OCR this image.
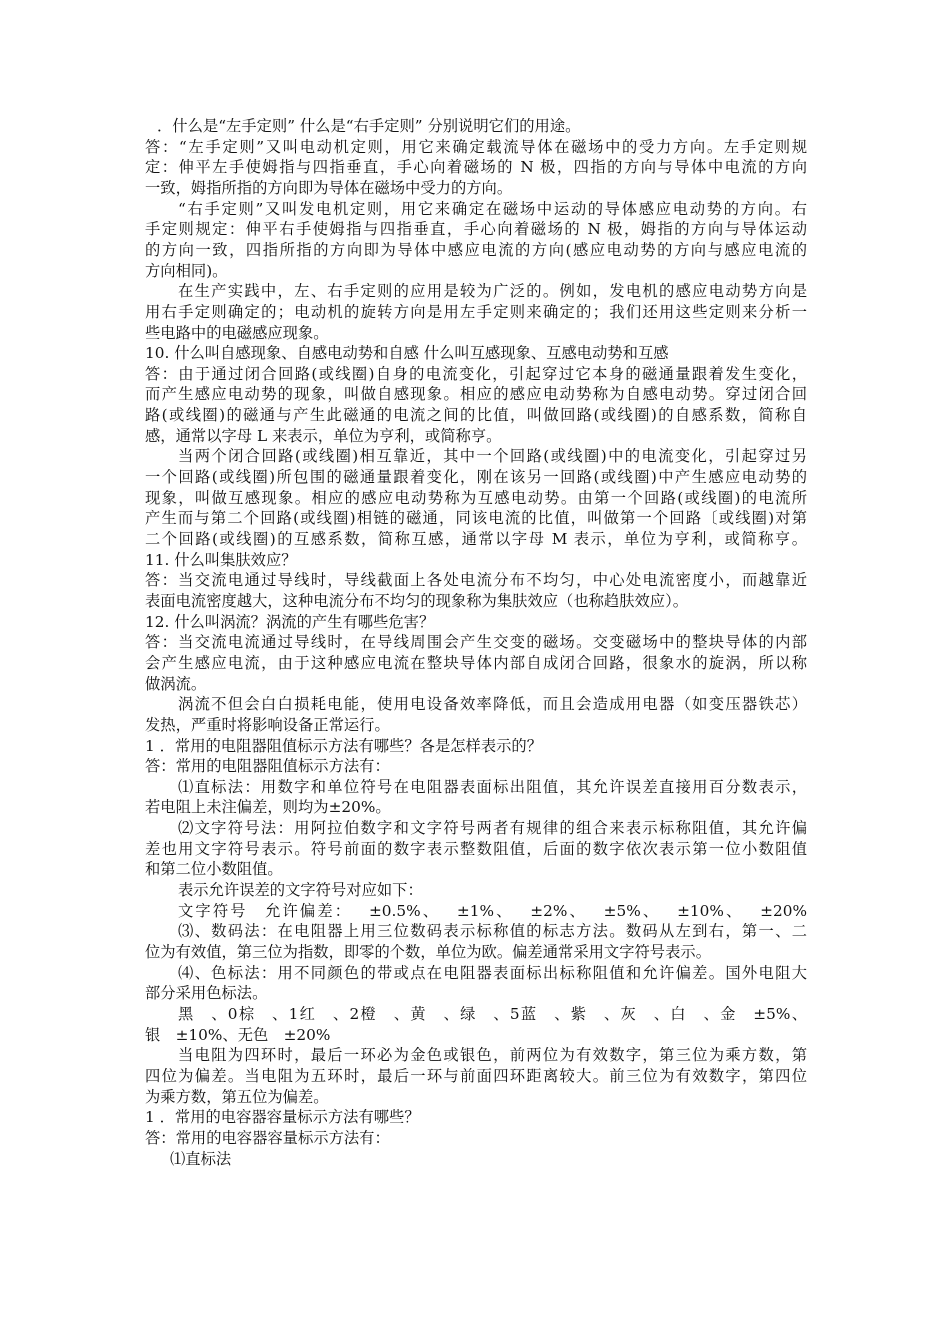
．什么是“左手定则” 什么是“右手定则” 分别说明它们的用途。
答：“左手定则”又叫电动机定则，用它来确定载流导体在磁场中的受力方向。左手定则规
定：伸平左手使姆指与四指垂直，手心向着磁场的 N 极，四指的方向与导体中电流的方向
一致，姆指所指的方向即为导体在磁场中受力的方向。
“右手定则”又叫发电机定则，用它来确定在磁场中运动的导体感应电动势的方向。右
手定则规定：伸平右手使姆指与四指垂直，手心向着磁场的 N 极，姆指的方向与导体运动
的方向一致，四指所指的方向即为导体中感应电流的方向(感应电动势的方向与感应电流的
方向相同)。
在生产实践中，左、右手定则的应用是较为广泛的。例如，发电机的感应电动势方向是
用右手定则确定的；电动机的旋转方向是用左手定则来确定的；我们还用这些定则来分析一
些电路中的电磁感应现象。
10. 什么叫自感现象、自感电动势和自感 什么叫互感现象、互感电动势和互感
答：由于通过闭合回路(或线圈)自身的电流变化，引起穿过它本身的磁通量跟着发生变化，
而产生感应电动势的现象，叫做自感现象。相应的感应电动势称为自感电动势。穿过闭合回
路(或线圈)的磁通与产生此磁通的电流之间的比值，叫做回路(或线圈)的自感系数，简称自
感，通常以字母 L 来表示，单位为亨利，或简称亨。
当两个闭合回路(或线圈)相互靠近，其中一个回路(或线圈)中的电流变化，引起穿过另
一个回路(或线圈)所包围的磁通量跟着变化，刚在该另一回路(或线圈)中产生感应电动势的
现象，叫做互感现象。相应的感应电动势称为互感电动势。由第一个回路(或线圈)的电流所
产生而与第二个回路(或线圈)相链的磁通，同该电流的比值，叫做第一个回路〔或线圈)对第
二个回路(或线圈)的互感系数，简称互感，通常以字母 M 表示，单位为亨利，或简称亨。
11. 什么叫集肤效应？
答：当交流电通过导线时，导线截面上各处电流分布不均匀，中心处电流密度小，而越靠近
表面电流密度越大，这种电流分布不均匀的现象称为集肤效应（也称趋肤效应）。
12. 什么叫涡流？涡流的产生有哪些危害？
答：当交流电流通过导线时，在导线周围会产生交变的磁场。交变磁场中的整块导体的内部
会产生感应电流，由于这种感应电流在整块导体内部自成闭合回路，很象水的旋涡，所以称
做涡流。
涡流不但会白白损耗电能，使用电设备效率降低，而且会造成用电器（如变压器铁芯）
发热，严重时将影响设备正常运行。
1 ．常用的电阻器阻值标示方法有哪些？各是怎样表示的？
答：常用的电阻器阻值标示方法有：
⑴直标法：用数字和单位符号在电阻器表面标出阻值，其允许误差直接用百分数表示，
若电阻上未注偏差，则均为±20%。
⑵文字符号法：用阿拉伯数字和文字符号两者有规律的组合来表示标称阻值，其允许偏
差也用文字符号表示。符号前面的数字表示整数阻值，后面的数字依次表示第一位小数阻值
和第二位小数阻值。
表示允许误差的文字符号对应如下：
文字符号　允许偏差：　 ±0.5%、　 ±1%、　 ±2%、　 ±5%、　 ±10%、　 ±20%
⑶、数码法：在电阻器上用三位数码表示标称值的标志方法。数码从左到右，第一、二
位为有效值，第三位为指数，即零的个数，单位为欧。偏差通常采用文字符号表示。
⑷、色标法：用不同颜色的带或点在电阻器表面标出标称阻值和允许偏差。国外电阻大
部分采用色标法。
黑　、0棕　、1红　、2橙　、黄　、绿　、5蓝　、紫　、灰　、白　、金　±5%、
银　±10%、无色　±20%
当电阻为四环时，最后一环必为金色或银色，前两位为有效数字，第三位为乘方数，第
四位为偏差。当电阻为五环时，最后一环与前面四环距离较大。前三位为有效数字，第四位
为乘方数，第五位为偏差。
1 ．常用的电容器容量标示方法有哪些？
答：常用的电容器容量标示方法有：
⑴直标法
